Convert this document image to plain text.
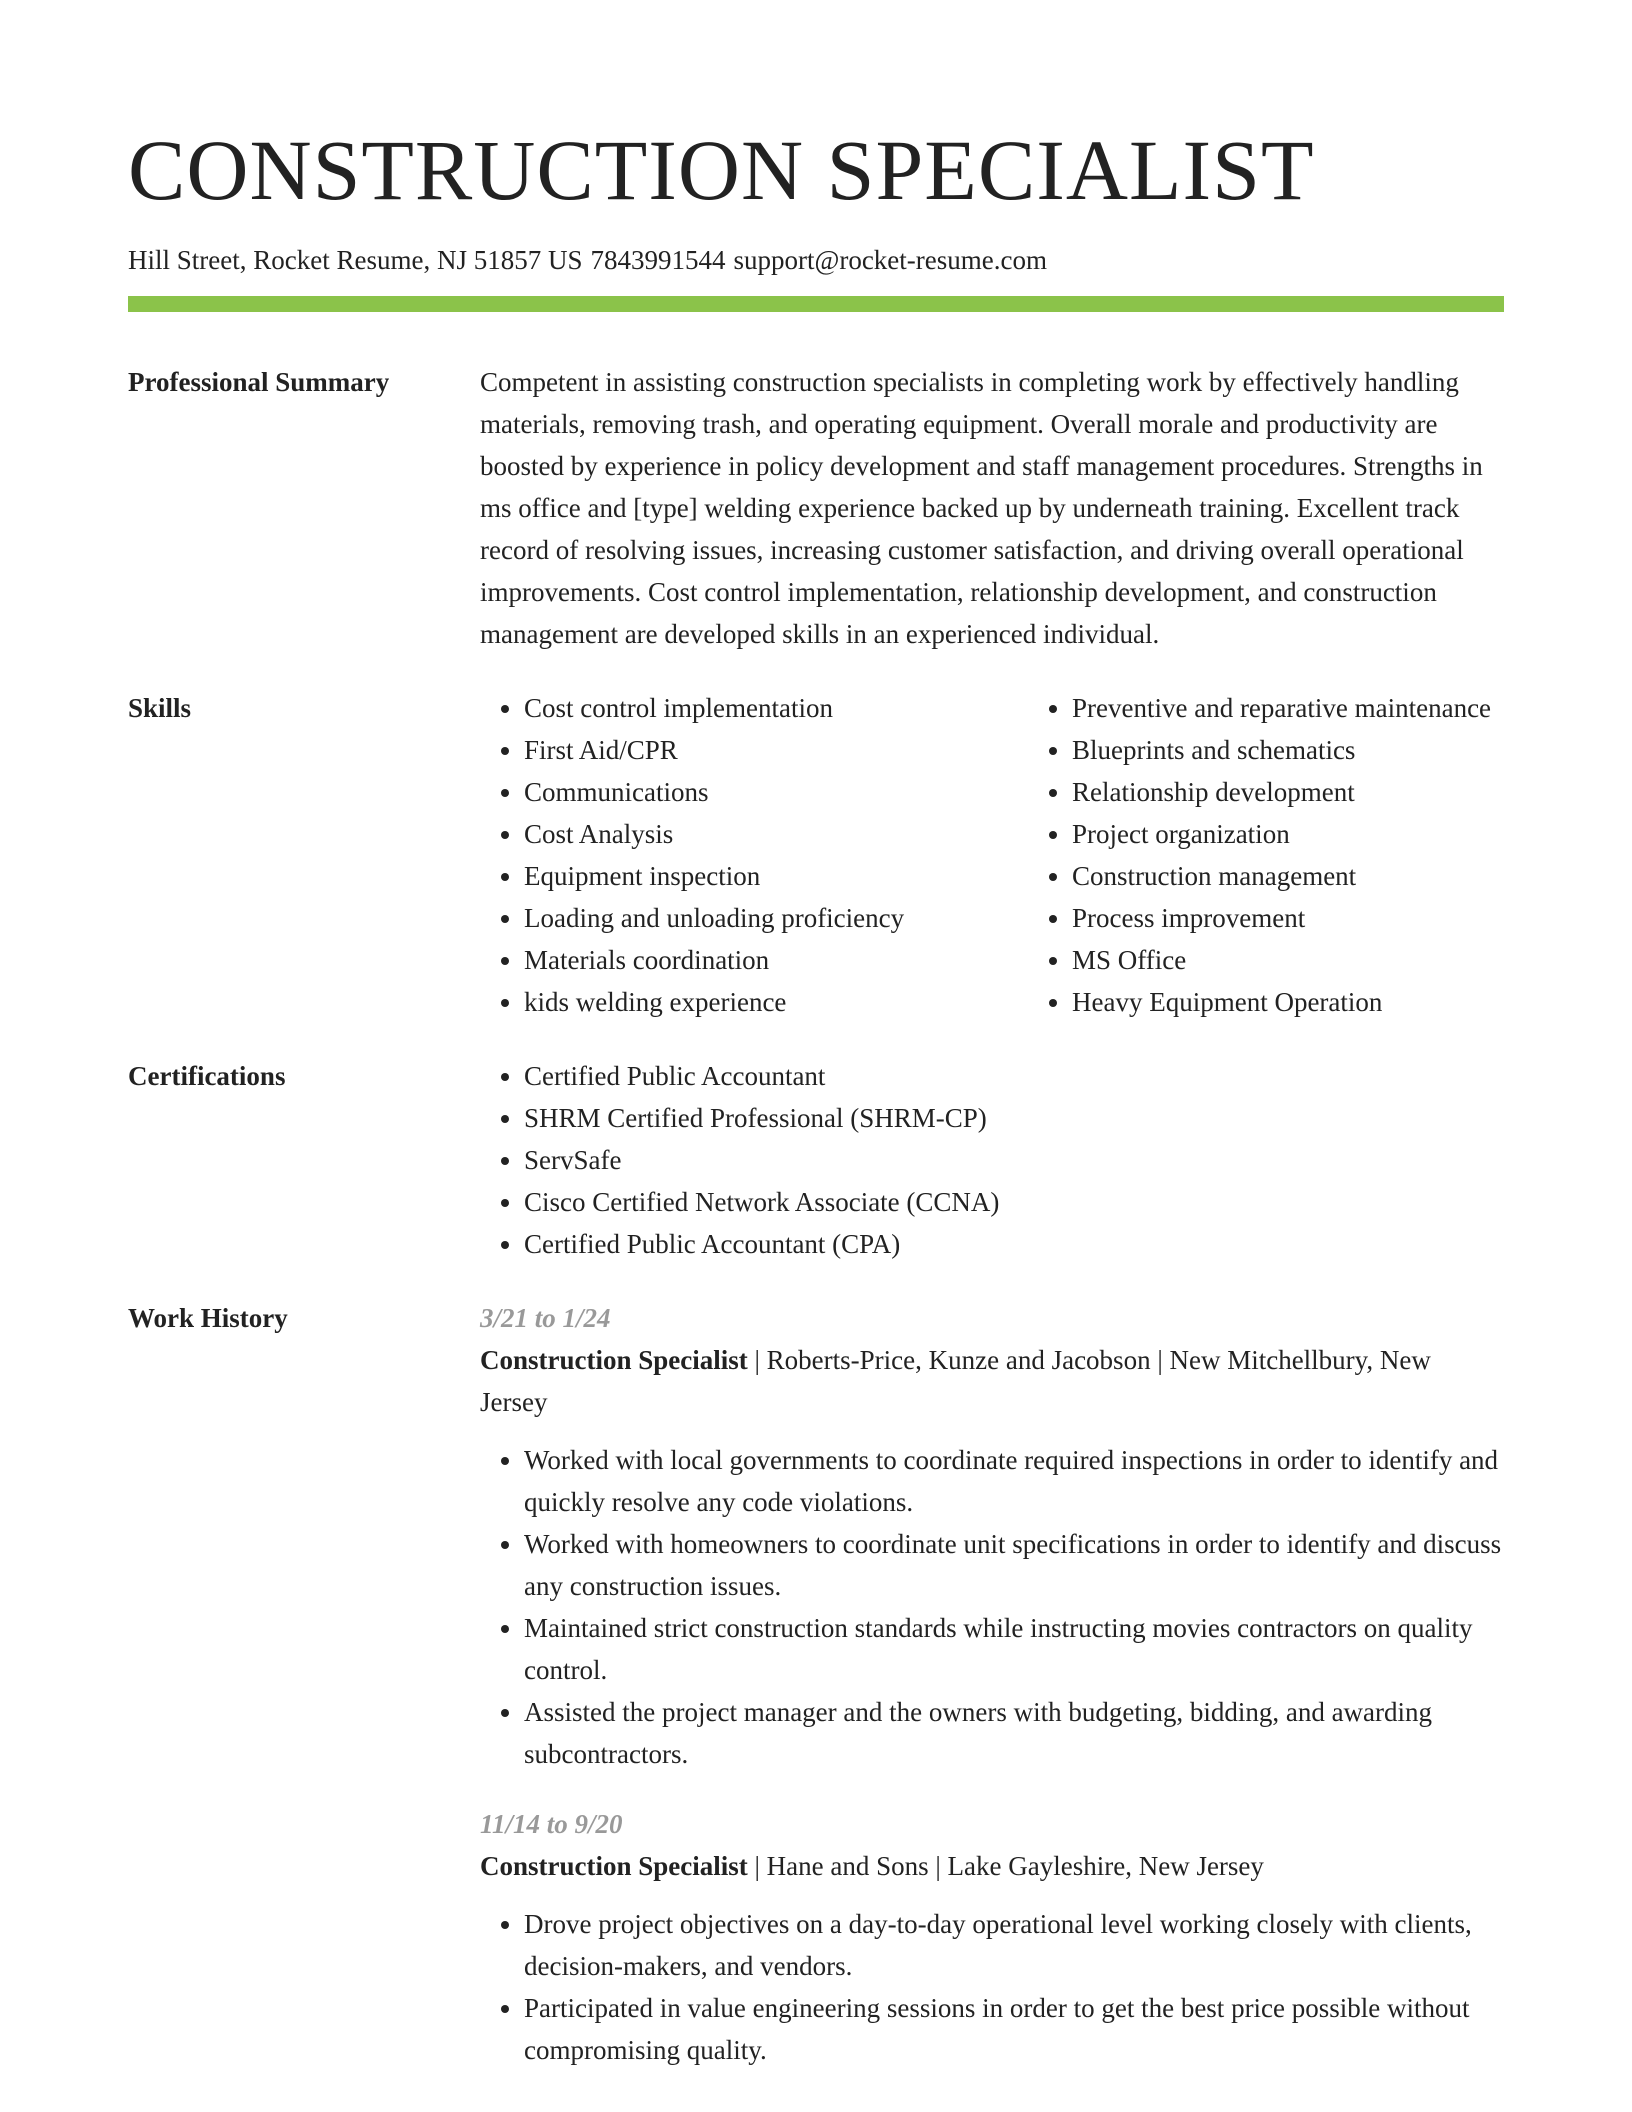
CONSTRUCTION SPECIALIST
Hill Street, Rocket Resume, NJ 51857 US 7843991544 support@rocket-resume.com
Professional Summary	Competent in assisting construction specialists in completing work by effectively handling materials, removing trash, and operating equipment. Overall morale and productivity are boosted by experience in policy development and staff management procedures. Strengths in ms office and [type] welding experience backed up by underneath training. Excellent track record of resolving issues, increasing customer satisfaction, and driving overall operational improvements. Cost control implementation, relationship development, and construction management are developed skills in an experienced individual.
Skills	• Cost control implementation
• First Aid/CPR
• Communications
• Cost Analysis
• Equipment inspection
• Loading and unloading proficiency
• Materials coordination
• kids welding experience
• Preventive and reparative maintenance
• Blueprints and schematics
• Relationship development
• Project organization
• Construction management
• Process improvement
• MS Office
• Heavy Equipment Operation
Certifications	• Certified Public Accountant
• SHRM Certified Professional (SHRM-CP)
• ServSafe
• Cisco Certified Network Associate (CCNA)
• Certified Public Accountant (CPA)
Work History	3/21 to 1/24
Construction Specialist | Roberts-Price, Kunze and Jacobson | New Mitchellbury, New Jersey
• Worked with local governments to coordinate required inspections in order to identify and quickly resolve any code violations.
• Worked with homeowners to coordinate unit specifications in order to identify and discuss any construction issues.
• Maintained strict construction standards while instructing movies contractors on quality control.
• Assisted the project manager and the owners with budgeting, bidding, and awarding subcontractors.
11/14 to 9/20
Construction Specialist | Hane and Sons | Lake Gayleshire, New Jersey
• Drove project objectives on a day-to-day operational level working closely with clients, decision-makers, and vendors.
• Participated in value engineering sessions in order to get the best price possible without compromising quality.
